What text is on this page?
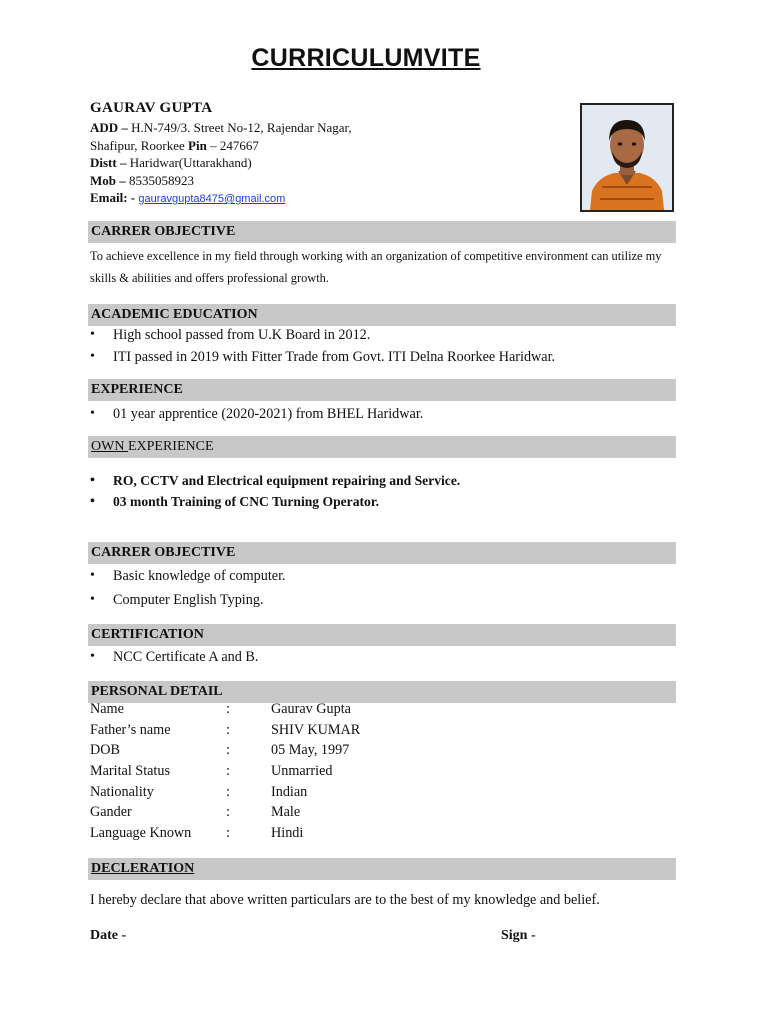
CURRICULUMVITE
GAURAV GUPTA
ADD – H.N-749/3. Street No-12, Rajendar Nagar,
Shafipur, Roorkee Pin – 247667
Distt – Haridwar(Uttarakhand)
Mob – 8535058923
Email: - gauravgupta8475@gmail.com
CARRER OBJECTIVE
To achieve excellence in my field through working with an organization of competitive environment can utilize my skills & abilities and offers professional growth.
ACADEMIC EDUCATION
• High school passed from U.K Board in 2012.
• ITI passed in 2019 with Fitter Trade from Govt. ITI Delna Roorkee Haridwar.
EXPERIENCE
• 01 year apprentice (2020-2021) from BHEL Haridwar.
OWN EXPERIENCE
• RO, CCTV and Electrical equipment repairing and Service.
• 03 month Training of CNC Turning Operator.
CARRER OBJECTIVE
• Basic knowledge of computer.
• Computer English Typing.
CERTIFICATION
• NCC Certificate A and B.
PERSONAL DETAIL
Name	:	Gaurav Gupta
Father’s name	:	SHIV KUMAR
DOB	:	05 May, 1997
Marital Status	:	Unmarried
Nationality	:	Indian
Gander	:	Male
Language Known	:	Hindi
DECLERATION
I hereby declare that above written particulars are to the best of my knowledge and belief.
Date -	Sign -
